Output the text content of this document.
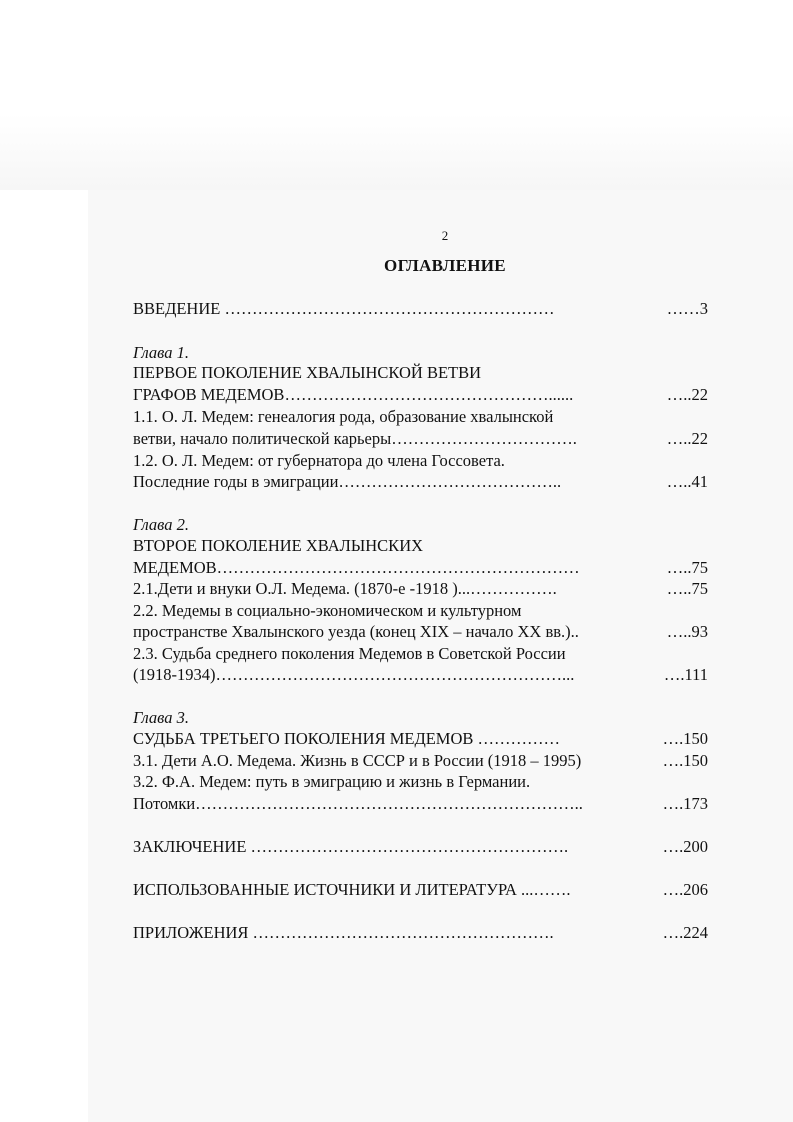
2
ОГЛАВЛЕНИЕ
ВВЕДЕНИЕ ……………………………………………………	……3
Глава 1.
ПЕРВОЕ ПОКОЛЕНИЕ ХВАЛЫНСКОЙ ВЕТВИ
ГРАФОВ МЕДЕМОВ…………………………………………......	…..22
1.1. О. Л. Медем: генеалогия рода, образование хвалынской
ветви, начало политической карьеры…………………………….	…..22
1.2. О. Л. Медем: от губернатора до члена Госсовета.
Последние годы в эмиграции…………………………………..	…..41
Глава 2.
ВТОРОЕ ПОКОЛЕНИЕ ХВАЛЫНСКИХ
МЕДЕМОВ…………………………………………………………	…..75
2.1.Дети и внуки О.Л. Медема. (1870-е -1918 )...…………….	…..75
2.2. Медемы в социально-экономическом и культурном
пространстве Хвалынского уезда (конец XIX – начало XX вв.)..	…..93
2.3. Судьба среднего поколения Медемов в Советской России
(1918-1934)………………………………………………………...	….111
Глава 3.
СУДЬБА ТРЕТЬЕГО ПОКОЛЕНИЯ МЕДЕМОВ ……………	….150
3.1. Дети А.О. Медема. Жизнь в СССР и в России (1918 – 1995)	….150
3.2. Ф.А. Медем: путь в эмиграцию и жизнь в Германии.
Потомки……………………………………………………………..	….173
ЗАКЛЮЧЕНИЕ ………………………………………………….	….200
ИСПОЛЬЗОВАННЫЕ ИСТОЧНИКИ И ЛИТЕРАТУРА ...…….	….206
ПРИЛОЖЕНИЯ ……………………………………………….	….224
